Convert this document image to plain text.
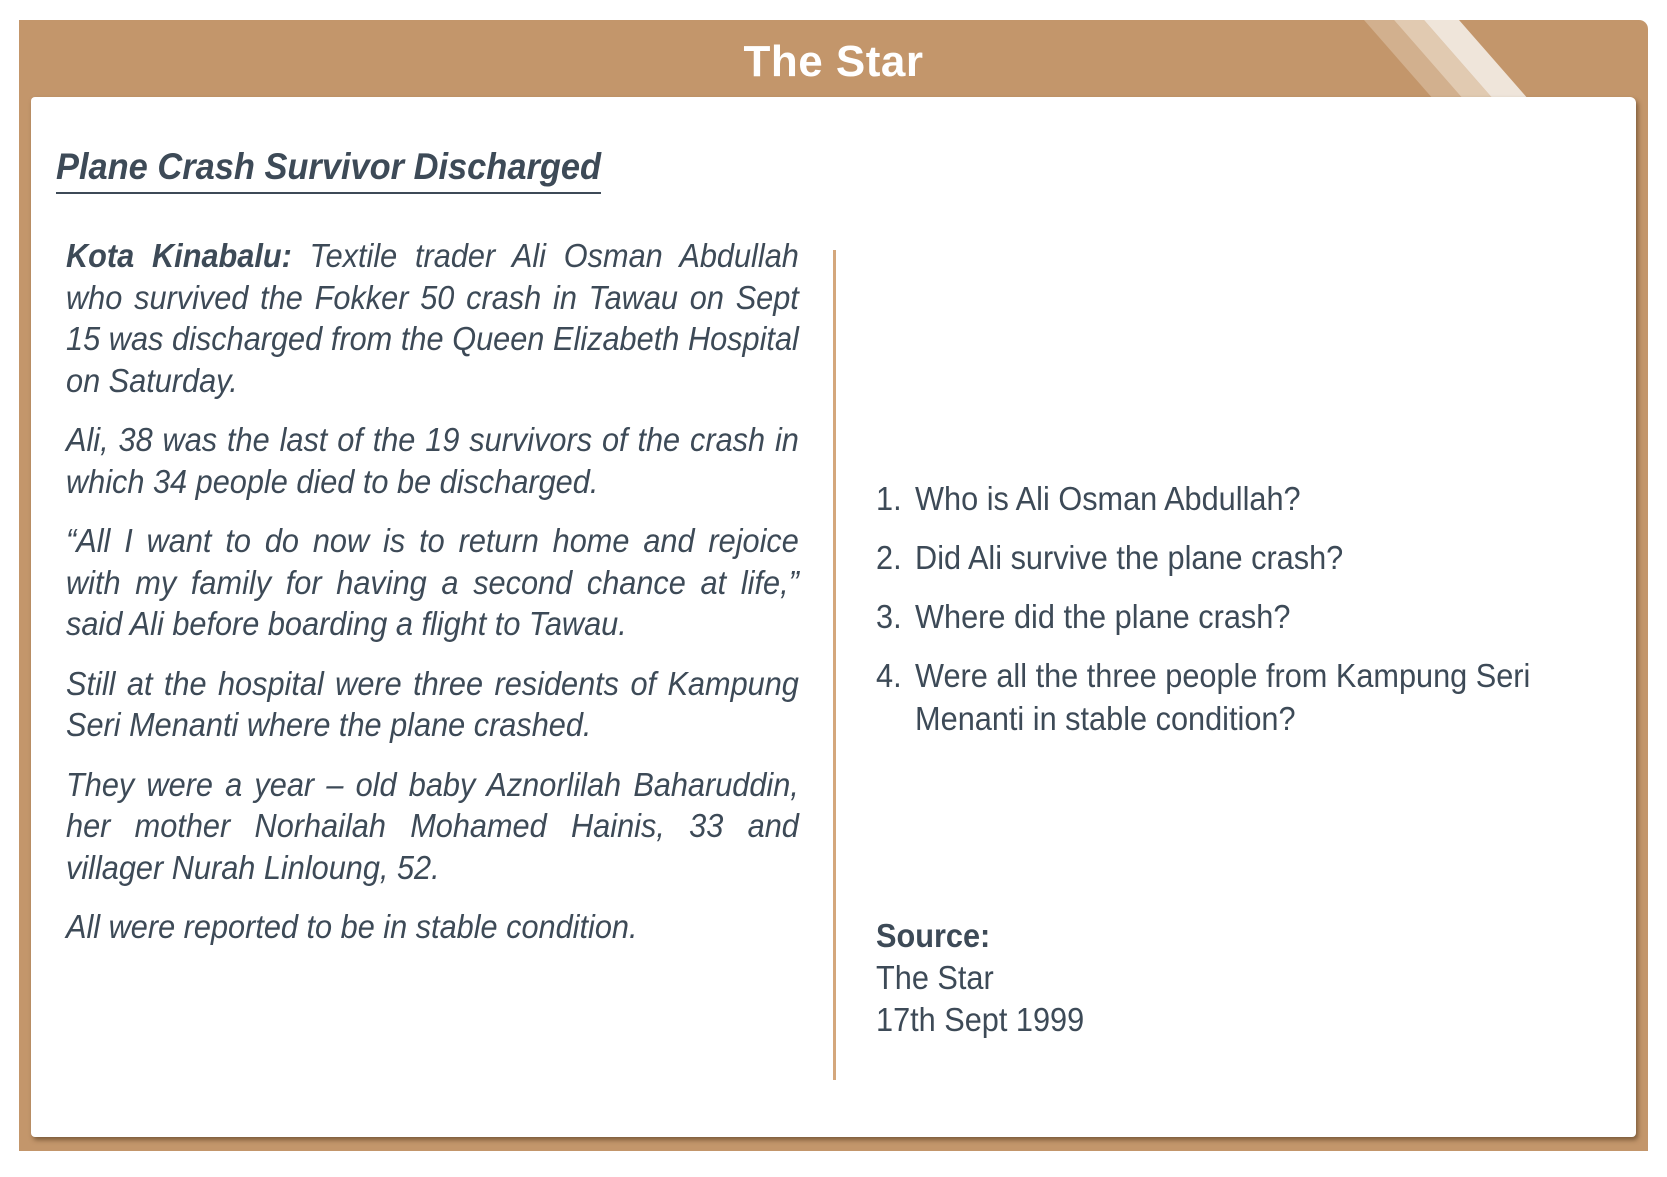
The Star
Plane Crash Survivor Discharged

Kota Kinabalu: Textile trader Ali Osman Abdullah who survived the Fokker 50 crash in Tawau on Sept 15 was discharged from the Queen Elizabeth Hospital on Saturday.

Ali, 38 was the last of the 19 survivors of the crash in which 34 people died to be discharged.

“All I want to do now is to return home and rejoice with my family for having a second chance at life,” said Ali before boarding a flight to Tawau.

Still at the hospital were three residents of Kampung Seri Menanti where the plane crashed.

They were a year – old baby Aznorlilah Baharuddin, her mother Norhailah Mohamed Hainis, 33 and villager Nurah Linloung, 52.

All were reported to be in stable condition.

1. Who is Ali Osman Abdullah?
2. Did Ali survive the plane crash?
3. Where did the plane crash?
4. Were all the three people from Kampung Seri Menanti in stable condition?
Source:
The Star
17th Sept 1999
